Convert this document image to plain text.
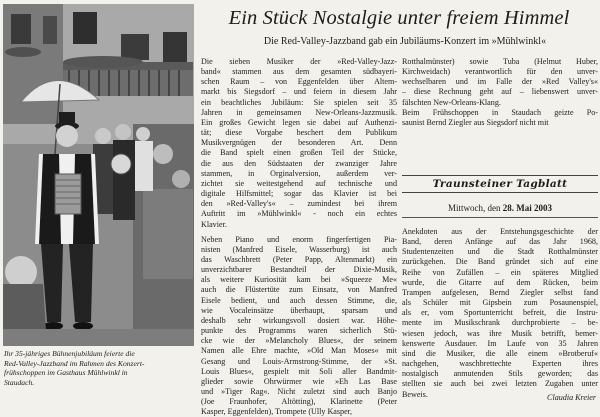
Ihr 35-jähriges Bühnenjubiläum feierte die
Red-Valley-Jazzband im Rahmen des Konzert-
frühschoppen im Gasthaus Mühlwinkl in
Staudach.
Ein Stück Nostalgie unter freiem Himmel
Die Red-Valley-Jazzband gab ein Jubiläums-Konzert im »Mühlwinkl«
Die sieben Musiker der »Red-Valley-Jazz-
band« stammen aus dem gesamten südbayeri-
schen Raum – von Eggenfelden über Altem-
markt bis Siegsdorf – und feiern in diesem Jahr
ein beachtliches Jubiläum: Sie spielen seit 35
Jahren in gemeinsamen New-Orleans-Jazzmusik.
Ein großes Gewicht legen sie dabei auf Authenzi-
tät; diese Vorgabe beschert dem Publikum
Musikvergnügen der besonderen Art. Denn
die Band spielt einen großen Teil der Stücke,
die aus den Südstaaten der zwanziger Jahre
stammen, in Orginalversion, außerdem ver-
zichtet sie weitestgehend auf technische und
digitale Hilfsmittel; sogar das Klavier ist bei
den »Red-Valley's« – zumindest bei ihrem
Auftritt im »Mühlwinkl« - noch ein echtes
Klavier.
Neben Piano und enorm fingerfertigen Pia-
nisten (Manfred Eisele, Wasserburg) ist auch
das Waschbrett (Peter Papp, Altenmarkt) ein
unverzichtbarer Bestandteil der Dixie-Musik,
als weitere Kuriosität kam bei »Squeeze Me«
auch die Flüstertüte zum Einsatz, von Manfred
Eisele bedient, und auch dessen Stimme, die,
wie Vocaleinsätze überhaupt, sparsam und
deshalb sehr wirkungsvoll dosiert war. Höhe-
punkte des Programms waren sicherlich Stü-
cke wie der »Melancholy Blues«, der seinem
Namen alle Ehre machte, »Old Man Moses« mit
Gesang und Louis-Armstrong-Stimme, der »St.
Louis Blues«, gespielt mit Soli aller Bandmit-
glieder sowie Ohrwürmer wie »Eh Las Base
und »Tiger Rag«. Nicht zuletzt sind auch Banjo
(Joe Fraunhofer, Altötting), Klarinette (Peter
Kasper, Eggenfelden), Trompete (Ully Kasper,
Rotthalmünster) sowie Tuba (Helmut Huber,
Kirchweidach) verantwortlich für den unver-
wechselbaren und im Falle der »Red Valley's«
– diese Rechnung geht auf – liebenswert unver-
fälschten New-Orleans-Klang.
Beim Frühschoppen in Staudach geizte Po-
saunist Bernd Ziegler aus Siegsdorf nicht mit
Traunsteiner Tagblatt
Mittwoch, den 28. Mai 2003
Anekdoten aus der Entstehungsgeschichte der
Band, deren Anfänge auf das Jahr 1968,
Studentenzeiten und die Stadt Rotthalmünster
zurückgehen. Die Band gründet sich auf eine
Reihe von Zufällen – ein späteres Mitglied
wurde, die Gitarre auf dem Rücken, beim
Trampen aufgelesen, Bernd Ziegler selbst fand
als Schüler mit Gipsbein zum Posaunenspiel,
als er, vom Sportunterricht befreit, die Instru-
mente im Musikschrank durchprobierte – be-
wiesen jedoch, was ihre Musik betrifft, bemer-
kenswerte Ausdauer. Im Laufe von 35 Jahren
sind die Musiker, die alle einem »Brotberuf«
nachgehen, waschbrettechte Experten ihres
nostalgisch anmutenden Stils geworden; das
stellten sie auch bei zwei letzten Zugaben unter
Beweis.	Claudia Kreier
